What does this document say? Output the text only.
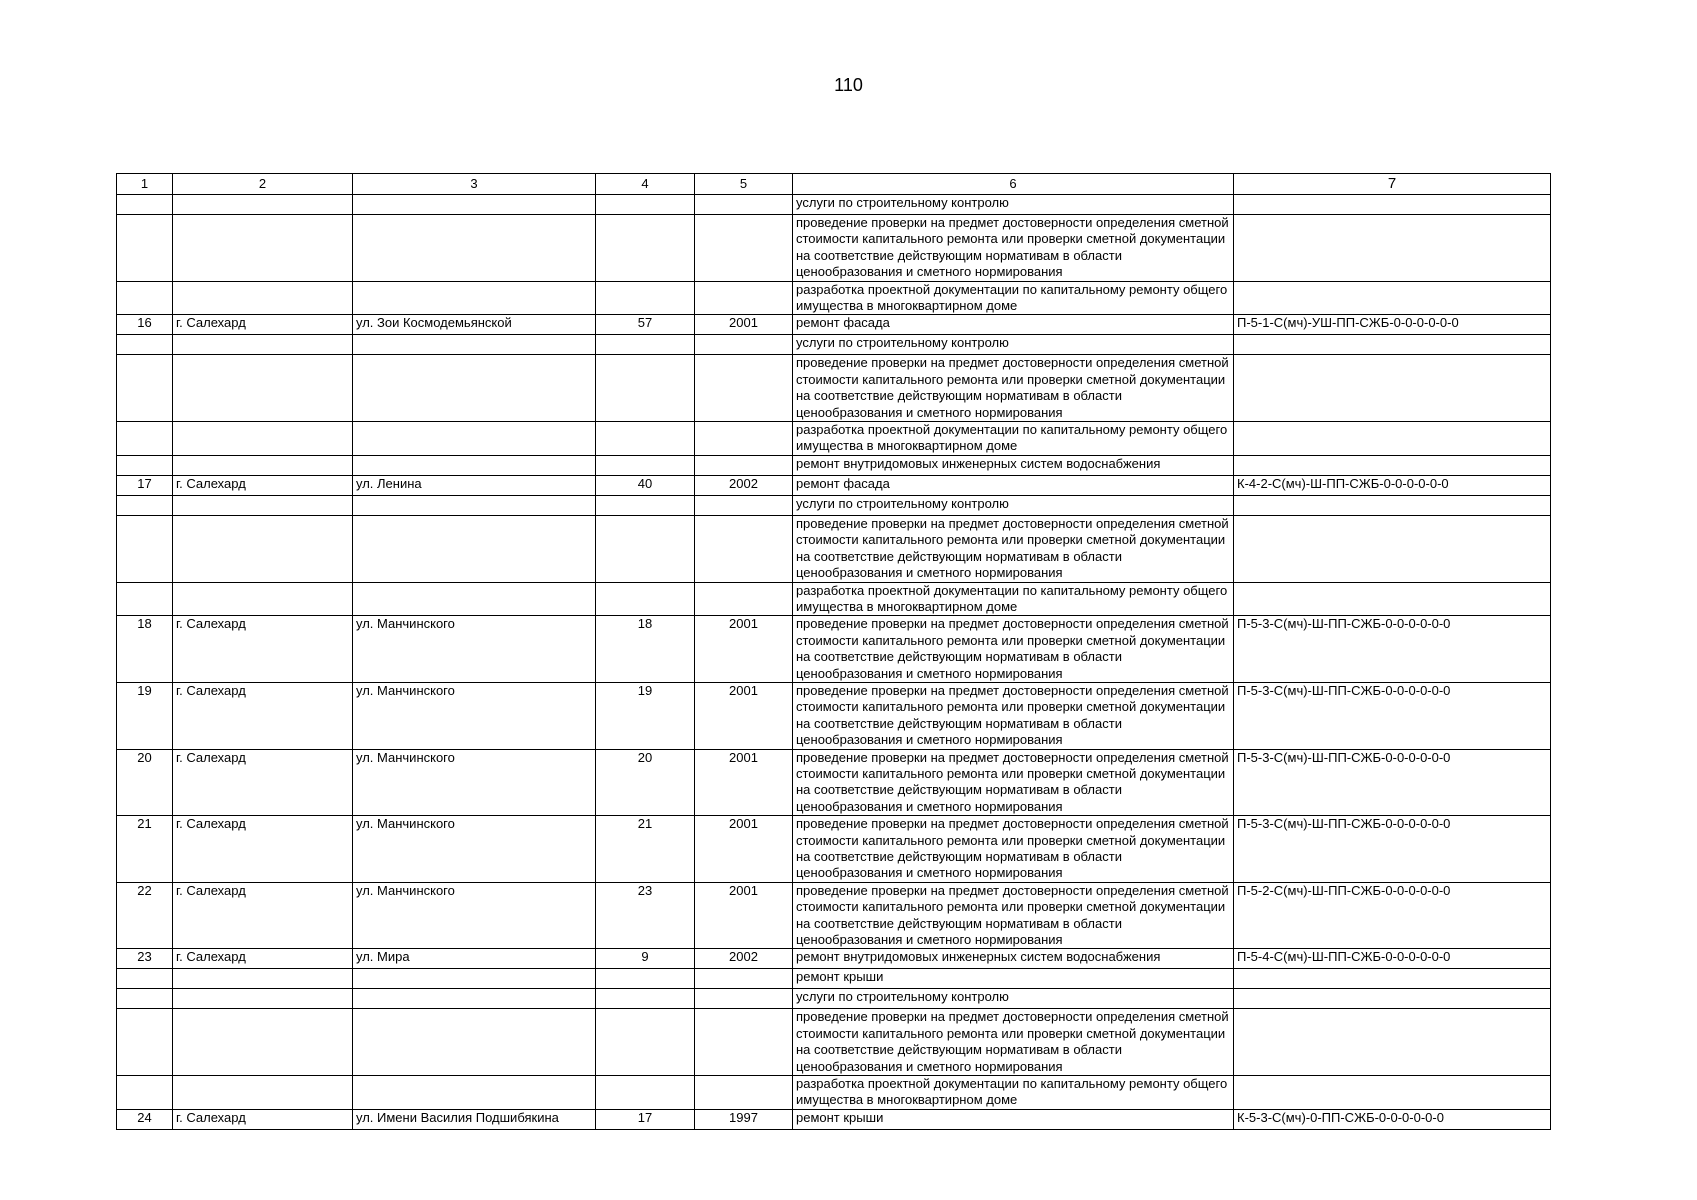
110
1	2	3	4	5	6	7
					услуги по строительному контролю	
					проведение проверки на предмет достоверности определения сметной стоимости капитального ремонта или проверки сметной документации на соответствие действующим нормативам в области ценообразования и сметного нормирования	
					разработка проектной документации по капитальному ремонту общего имущества в многоквартирном доме	
16	г. Салехард	ул. Зои Космодемьянской	57	2001	ремонт фасада	П-5-1-С(мч)-УШ-ПП-СЖБ-0-0-0-0-0-0
					услуги по строительному контролю	
					проведение проверки на предмет достоверности определения сметной стоимости капитального ремонта или проверки сметной документации на соответствие действующим нормативам в области ценообразования и сметного нормирования	
					разработка проектной документации по капитальному ремонту общего имущества в многоквартирном доме	
					ремонт внутридомовых инженерных систем водоснабжения	
17	г. Салехард	ул. Ленина	40	2002	ремонт фасада	К-4-2-С(мч)-Ш-ПП-СЖБ-0-0-0-0-0-0
					услуги по строительному контролю	
					проведение проверки на предмет достоверности определения сметной стоимости капитального ремонта или проверки сметной документации на соответствие действующим нормативам в области ценообразования и сметного нормирования	
					разработка проектной документации по капитальному ремонту общего имущества в многоквартирном доме	
18	г. Салехард	ул. Манчинского	18	2001	проведение проверки на предмет достоверности определения сметной стоимости капитального ремонта или проверки сметной документации на соответствие действующим нормативам в области ценообразования и сметного нормирования	П-5-3-С(мч)-Ш-ПП-СЖБ-0-0-0-0-0-0
19	г. Салехард	ул. Манчинского	19	2001	проведение проверки на предмет достоверности определения сметной стоимости капитального ремонта или проверки сметной документации на соответствие действующим нормативам в области ценообразования и сметного нормирования	П-5-3-С(мч)-Ш-ПП-СЖБ-0-0-0-0-0-0
20	г. Салехард	ул. Манчинского	20	2001	проведение проверки на предмет достоверности определения сметной стоимости капитального ремонта или проверки сметной документации на соответствие действующим нормативам в области ценообразования и сметного нормирования	П-5-3-С(мч)-Ш-ПП-СЖБ-0-0-0-0-0-0
21	г. Салехард	ул. Манчинского	21	2001	проведение проверки на предмет достоверности определения сметной стоимости капитального ремонта или проверки сметной документации на соответствие действующим нормативам в области ценообразования и сметного нормирования	П-5-3-С(мч)-Ш-ПП-СЖБ-0-0-0-0-0-0
22	г. Салехард	ул. Манчинского	23	2001	проведение проверки на предмет достоверности определения сметной стоимости капитального ремонта или проверки сметной документации на соответствие действующим нормативам в области ценообразования и сметного нормирования	П-5-2-С(мч)-Ш-ПП-СЖБ-0-0-0-0-0-0
23	г. Салехард	ул. Мира	9	2002	ремонт внутридомовых инженерных систем водоснабжения	П-5-4-С(мч)-Ш-ПП-СЖБ-0-0-0-0-0-0
					ремонт крыши	
					услуги по строительному контролю	
					проведение проверки на предмет достоверности определения сметной стоимости капитального ремонта или проверки сметной документации на соответствие действующим нормативам в области ценообразования и сметного нормирования	
					разработка проектной документации по капитальному ремонту общего имущества в многоквартирном доме	
24	г. Салехард	ул. Имени Василия Подшибякина	17	1997	ремонт крыши	К-5-3-С(мч)-0-ПП-СЖБ-0-0-0-0-0-0
